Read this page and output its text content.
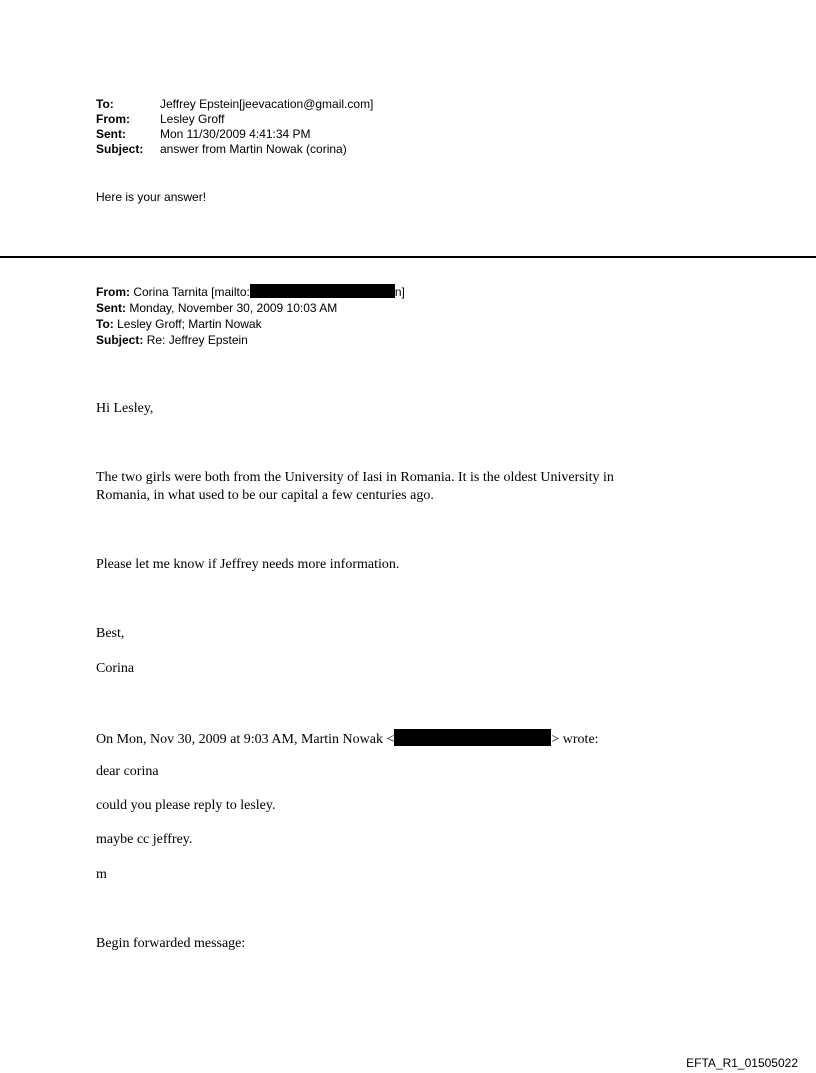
To:	Jeffrey Epstein[jeevacation@gmail.com]
From:	Lesley Groff
Sent:	Mon 11/30/2009 4:41:34 PM
Subject:	answer from Martin Nowak (corina)
Here is your answer!
From: Corina Tarnita [mailto:	n]
Sent: Monday, November 30, 2009 10:03 AM
To: Lesley Groff; Martin Nowak
Subject: Re: Jeffrey Epstein
Hi Lesley,
The two girls were both from the University of Iasi in Romania. It is the oldest University in
Romania, in what used to be our capital a few centuries ago.
Please let me know if Jeffrey needs more information.
Best,
Corina
On Mon, Nov 30, 2009 at 9:03 AM, Martin Nowak <	> wrote:
dear corina
could you please reply to lesley.
maybe cc jeffrey.
m
Begin forwarded message:
EFTA_R1_01505022
